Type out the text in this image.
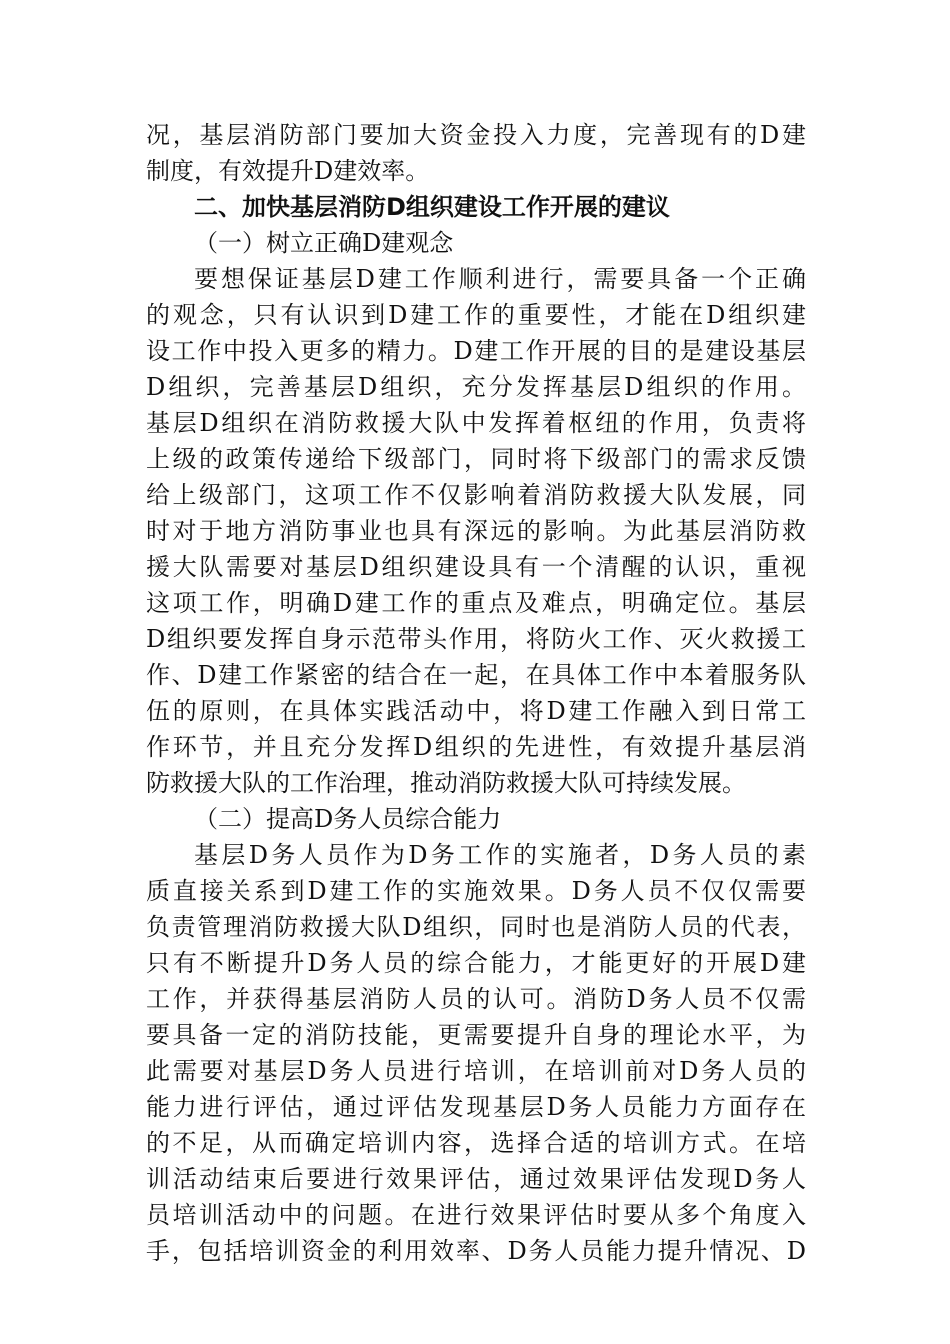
况，基层消防部门要加大资金投入力度，完善现有的D建
制度，有效提升D建效率。
二、加快基层消防D组织建设工作开展的建议
（一）树立正确D建观念
要想保证基层D建工作顺利进行，需要具备一个正确
的观念，只有认识到D建工作的重要性，才能在D组织建
设工作中投入更多的精力。D建工作开展的目的是建设基层
D组织，完善基层D组织，充分发挥基层D组织的作用。
基层D组织在消防救援大队中发挥着枢纽的作用，负责将
上级的政策传递给下级部门，同时将下级部门的需求反馈
给上级部门，这项工作不仅影响着消防救援大队发展，同
时对于地方消防事业也具有深远的影响。为此基层消防救
援大队需要对基层D组织建设具有一个清醒的认识，重视
这项工作，明确D建工作的重点及难点，明确定位。基层
D组织要发挥自身示范带头作用，将防火工作、灭火救援工
作、D建工作紧密的结合在一起，在具体工作中本着服务队
伍的原则，在具体实践活动中，将D建工作融入到日常工
作环节，并且充分发挥D组织的先进性，有效提升基层消
防救援大队的工作治理，推动消防救援大队可持续发展。
（二）提高D务人员综合能力
基层D务人员作为D务工作的实施者，D务人员的素
质直接关系到D建工作的实施效果。D务人员不仅仅需要
负责管理消防救援大队D组织，同时也是消防人员的代表，
只有不断提升D务人员的综合能力，才能更好的开展D建
工作，并获得基层消防人员的认可。消防D务人员不仅需
要具备一定的消防技能，更需要提升自身的理论水平，为
此需要对基层D务人员进行培训，在培训前对D务人员的
能力进行评估，通过评估发现基层D务人员能力方面存在
的不足，从而确定培训内容，选择合适的培训方式。在培
训活动结束后要进行效果评估，通过效果评估发现D务人
员培训活动中的问题。在进行效果评估时要从多个角度入
手，包括培训资金的利用效率、D务人员能力提升情况、D
